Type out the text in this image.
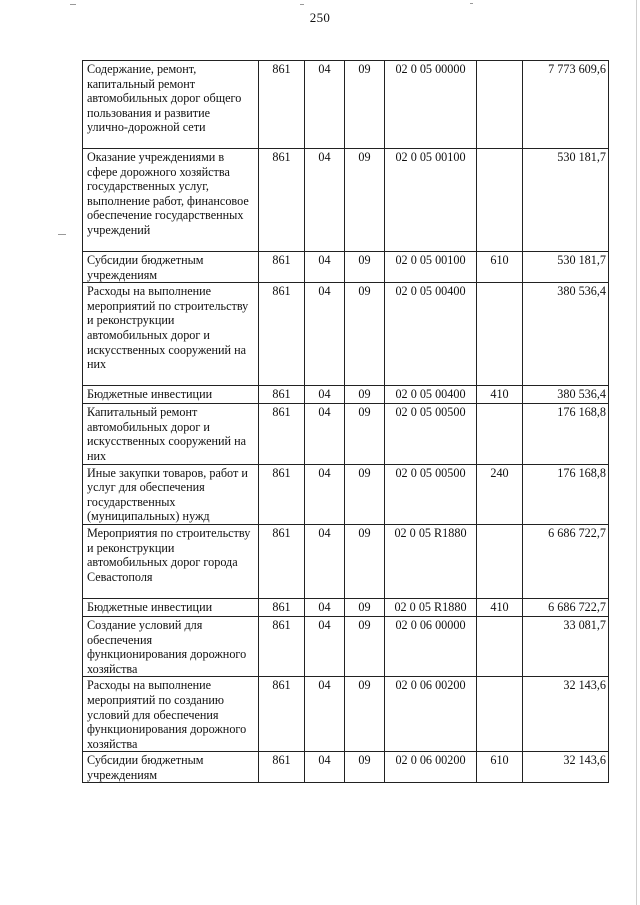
250
Содержание, ремонт, капитальный ремонт автомобильных дорог общего пользования и развитие улично-дорожной сети	861	04	09	02 0 05 00000		7 773 609,6
Оказание учреждениями в сфере дорожного хозяйства государственных услуг, выполнение работ, финансовое обеспечение государственных учреждений	861	04	09	02 0 05 00100		530 181,7
Субсидии бюджетным учреждениям	861	04	09	02 0 05 00100	610	530 181,7
Расходы на выполнение мероприятий по строительству и реконструкции автомобильных дорог и искусственных сооружений на них	861	04	09	02 0 05 00400		380 536,4
Бюджетные инвестиции	861	04	09	02 0 05 00400	410	380 536,4
Капитальный ремонт автомобильных дорог и искусственных сооружений на них	861	04	09	02 0 05 00500		176 168,8
Иные закупки товаров, работ и услуг для обеспечения государственных (муниципальных) нужд	861	04	09	02 0 05 00500	240	176 168,8
Мероприятия по строительству и реконструкции автомобильных дорог города Севастополя	861	04	09	02 0 05 R1880		6 686 722,7
Бюджетные инвестиции	861	04	09	02 0 05 R1880	410	6 686 722,7
Создание условий для обеспечения функционирования дорожного хозяйства	861	04	09	02 0 06 00000		33 081,7
Расходы на выполнение мероприятий по созданию условий для обеспечения функционирования дорожного хозяйства	861	04	09	02 0 06 00200		32 143,6
Субсидии бюджетным учреждениям	861	04	09	02 0 06 00200	610	32 143,6
